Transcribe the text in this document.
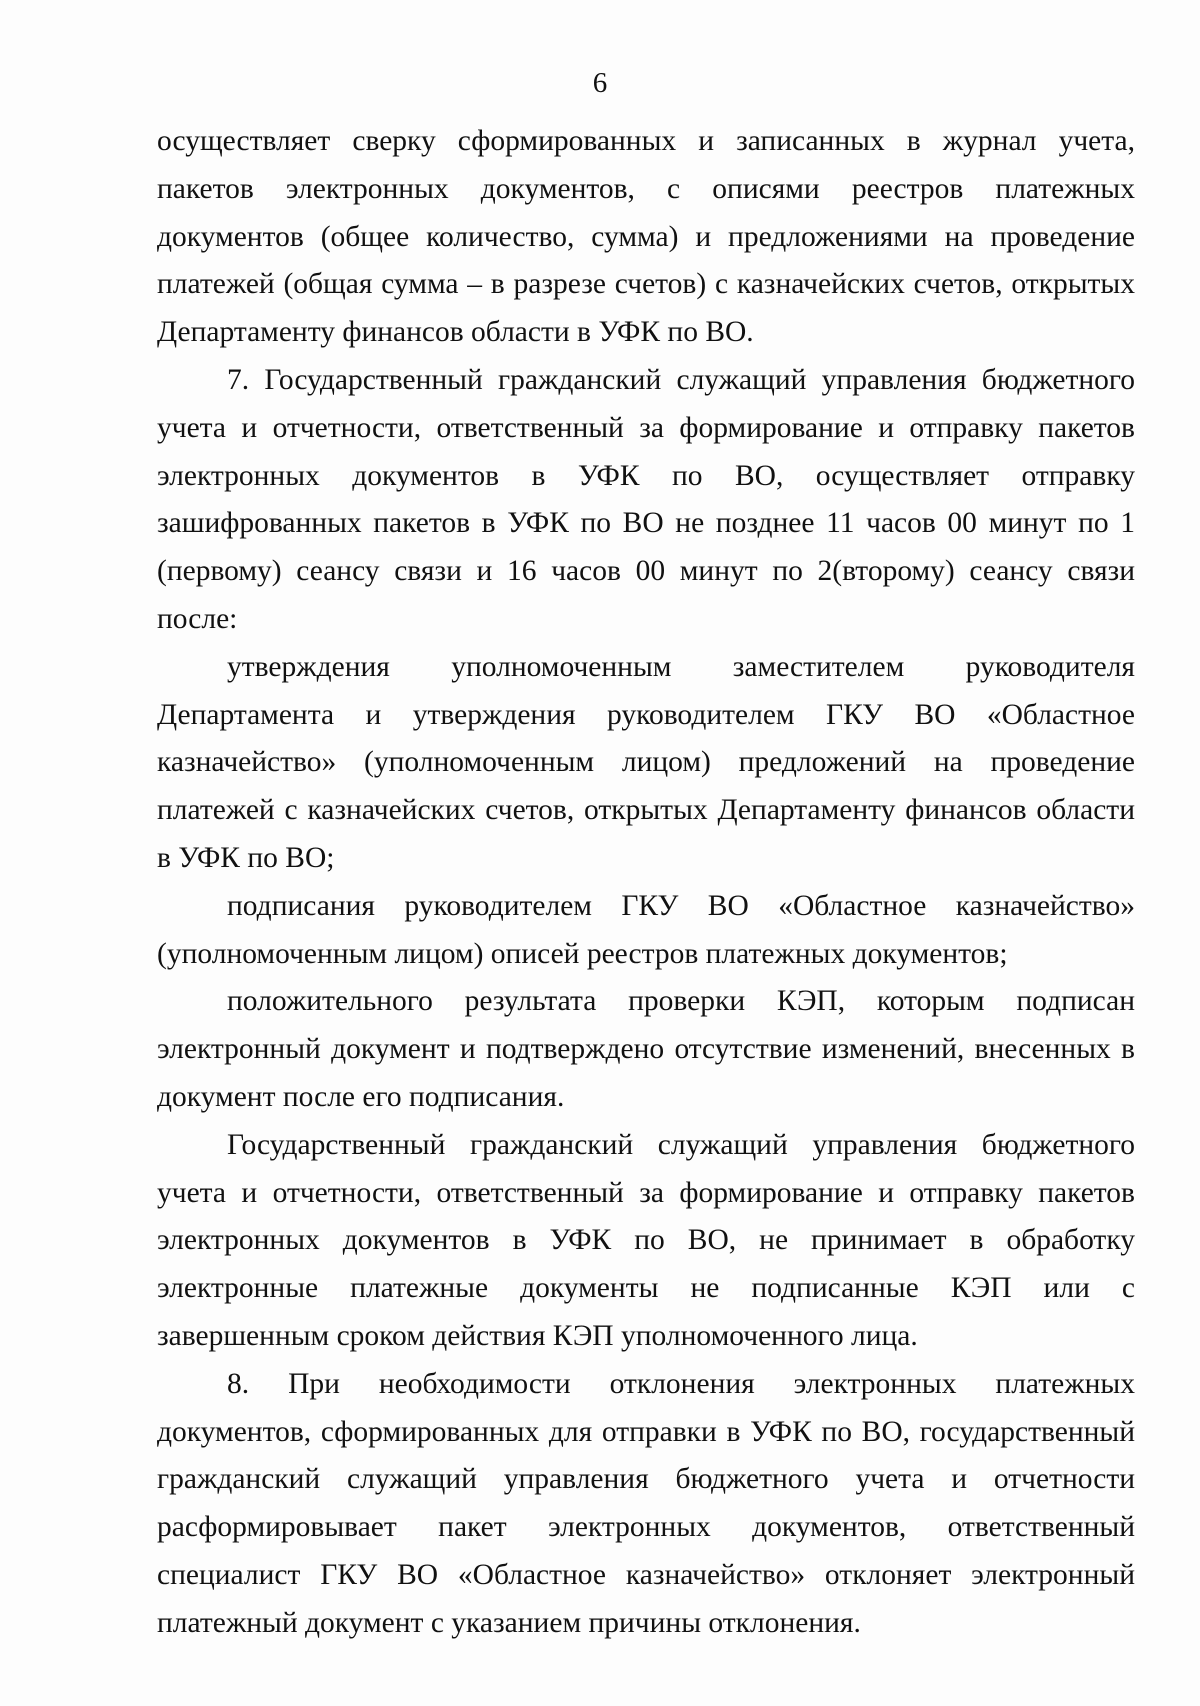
6

осуществляет сверку сформированных и записанных в журнал учета, пакетов электронных документов, с описями реестров платежных документов (общее количество, сумма) и предложениями на проведение платежей (общая сумма – в разрезе счетов) с казначейских счетов, открытых Департаменту финансов области в УФК по ВО.

7. Государственный гражданский служащий управления бюджетного учета и отчетности, ответственный за формирование и отправку пакетов электронных документов в УФК по ВО, осуществляет отправку зашифрованных пакетов в УФК по ВО не позднее 11 часов 00 минут по 1 (первому) сеансу связи и 16 часов 00 минут по 2(второму) сеансу связи после:

утверждения уполномоченным заместителем руководителя Департамента и утверждения руководителем ГКУ ВО «Областное казначейство» (уполномоченным лицом) предложений на проведение платежей с казначейских счетов, открытых Департаменту финансов области в УФК по ВО;

подписания руководителем ГКУ ВО «Областное казначейство» (уполномоченным лицом) описей реестров платежных документов;

положительного результата проверки КЭП, которым подписан электронный документ и подтверждено отсутствие изменений, внесенных в документ после его подписания.

Государственный гражданский служащий управления бюджетного учета и отчетности, ответственный за формирование и отправку пакетов электронных документов в УФК по ВО, не принимает в обработку электронные платежные документы не подписанные КЭП или с завершенным сроком действия КЭП уполномоченного лица.

8. При необходимости отклонения электронных платежных документов, сформированных для отправки в УФК по ВО, государственный гражданский служащий управления бюджетного учета и отчетности расформировывает пакет электронных документов, ответственный специалист ГКУ ВО «Областное казначейство» отклоняет электронный платежный документ с указанием причины отклонения.
